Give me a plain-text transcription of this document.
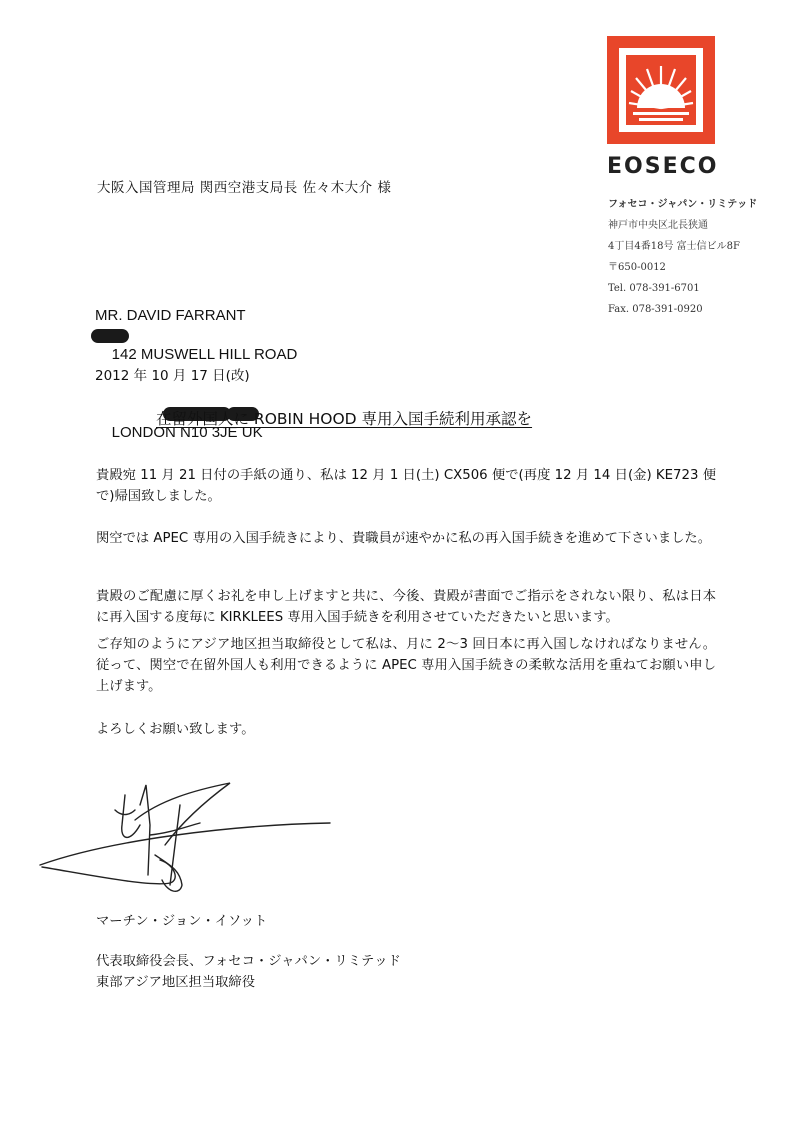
EOSECO
フォセコ・ジャパン・リミテッド
神戸市中央区北長狭通
4丁目4番18号 富士信ビル8F
〒650-0012
Tel. 078-391-6701
Fax. 078-391-0920
大阪入国管理局 関西空港支局長 佐々木大介 様
MR. DAVID FARRANT

142 MUSWELL HILL ROAD

LONDON N10 3JE UK

2012 年 10 月 17 日(改)
在留外国人に ROBIN HOOD 専用入国手続利用承認を
貴殿宛 11 月 21 日付の手紙の通り、私は 12 月 1 日(土) CX506 便で(再度 12 月 14 日(金) KE723 便で)帰国致しました。
関空では APEC 専用の入国手続きにより、貴職員が速やかに私の再入国手続きを進めて下さいました。
貴殿のご配慮に厚くお礼を申し上げますと共に、今後、貴殿が書面でご指示をされない限り、私は日本に再入国する度毎に KIRKLEES 専用入国手続きを利用させていただきたいと思います。
ご存知のようにアジア地区担当取締役として私は、月に 2〜3 回日本に再入国しなければなりません。従って、関空で在留外国人も利用できるように APEC 専用入国手続きの柔軟な活用を重ねてお願い申し上げます。
よろしくお願い致します。
マーチン・ジョン・イソット
代表取締役会長、フォセコ・ジャパン・リミテッド
東部アジア地区担当取締役
